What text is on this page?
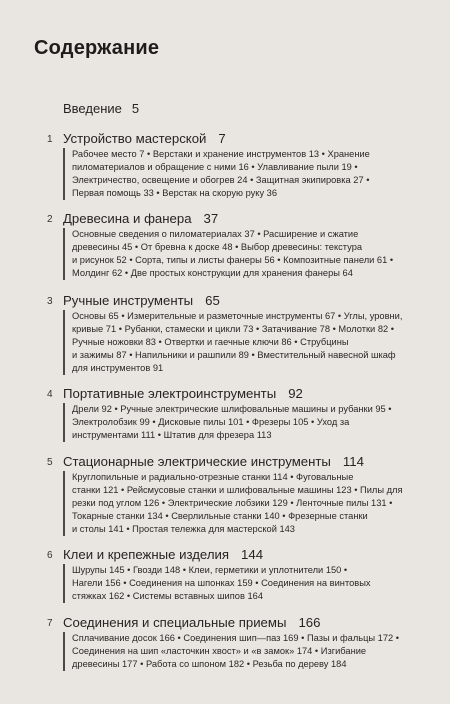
Содержание
Введение 5
1 Устройство мастерской 7
Рабочее место 7 • Верстаки и хранение инструментов 13 • Хранение
пиломатериалов и обращение с ними 16 • Улавливание пыли 19 •
Электричество, освещение и обогрев 24 • Защитная экипировка 27 •
Первая помощь 33 • Верстак на скорую руку 36
2 Древесина и фанера 37
Основные сведения о пиломатериалах 37 • Расширение и сжатие
древесины 45 • От бревна к доске 48 • Выбор древесины: текстура
и рисунок 52 • Сорта, типы и листы фанеры 56 • Композитные панели 61 •
Молдинг 62 • Две простых конструкции для хранения фанеры 64
3 Ручные инструменты 65
Основы 65 • Измерительные и разметочные инструменты 67 • Углы, уровни,
кривые 71 • Рубанки, стамески и цикли 73 • Затачивание 78 • Молотки 82 •
Ручные ножовки 83 • Отвертки и гаечные ключи 86 • Струбцины
и зажимы 87 • Напильники и рашпили 89 • Вместительный навесной шкаф
для инструментов 91
4 Портативные электроинструменты 92
Дрели 92 • Ручные электрические шлифовальные машины и рубанки 95 •
Электролобзик 99 • Дисковые пилы 101 • Фрезеры 105 • Уход за
инструментами 111 • Штатив для фрезера 113
5 Стационарные электрические инструменты 114
Круглопильные и радиально-отрезные станки 114 • Фуговальные
станки 121 • Рейсмусовые станки и шлифовальные машины 123 • Пилы для
резки под углом 126 • Электрические лобзики 129 • Ленточные пилы 131 •
Токарные станки 134 • Сверлильные станки 140 • Фрезерные станки
и столы 141 • Простая тележка для мастерской 143
6 Клеи и крепежные изделия 144
Шурупы 145 • Гвозди 148 • Клеи, герметики и уплотнители 150 •
Нагели 156 • Соединения на шпонках 159 • Соединения на винтовых
стяжках 162 • Системы вставных шипов 164
7 Соединения и специальные приемы 166
Сплачивание досок 166 • Соединения шип—паз 169 • Пазы и фальцы 172 •
Соединения на шип «ласточкин хвост» и «в замок» 174 • Изгибание
древесины 177 • Работа со шпоном 182 • Резьба по дереву 184
